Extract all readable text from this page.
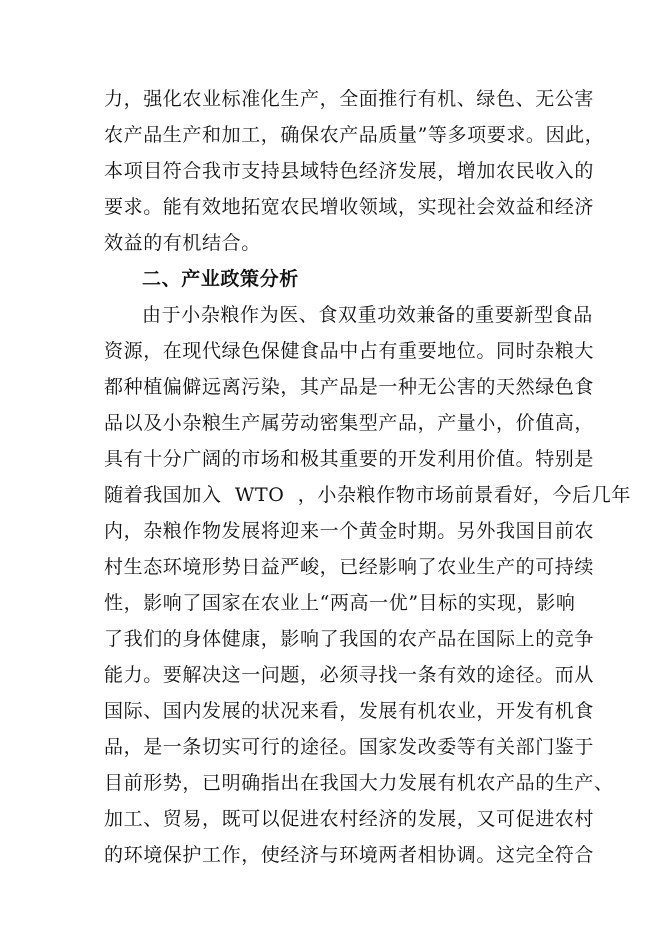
力，强化农业标准化生产，全面推行有机、绿色、无公害
农产品生产和加工，确保农产品质量”等多项要求。因此，
本项目符合我市支持县域特色经济发展，增加农民收入的
要求。能有效地拓宽农民增收领域，实现社会效益和经济
效益的有机结合。
二、产业政策分析
由于小杂粮作为医、食双重功效兼备的重要新型食品
资源，在现代绿色保健食品中占有重要地位。同时杂粮大
都种植偏僻远离污染，其产品是一种无公害的天然绿色食
品以及小杂粮生产属劳动密集型产品，产量小，价值高，
具有十分广阔的市场和极其重要的开发利用价值。特别是
随着我国加入  WTO  ，小杂粮作物市场前景看好，今后几年
内，杂粮作物发展将迎来一个黄金时期。另外我国目前农
村生态环境形势日益严峻，已经影响了农业生产的可持续
性，影响了国家在农业上“两高一优”目标的实现，影响
了我们的身体健康，影响了我国的农产品在国际上的竞争
能力。要解决这一问题，必须寻找一条有效的途径。而从
国际、国内发展的状况来看，发展有机农业，开发有机食
品，是一条切实可行的途径。国家发改委等有关部门鉴于
目前形势，已明确指出在我国大力发展有机农产品的生产、
加工、贸易，既可以促进农村经济的发展，又可促进农村
的环境保护工作，使经济与环境两者相协调。这完全符合
